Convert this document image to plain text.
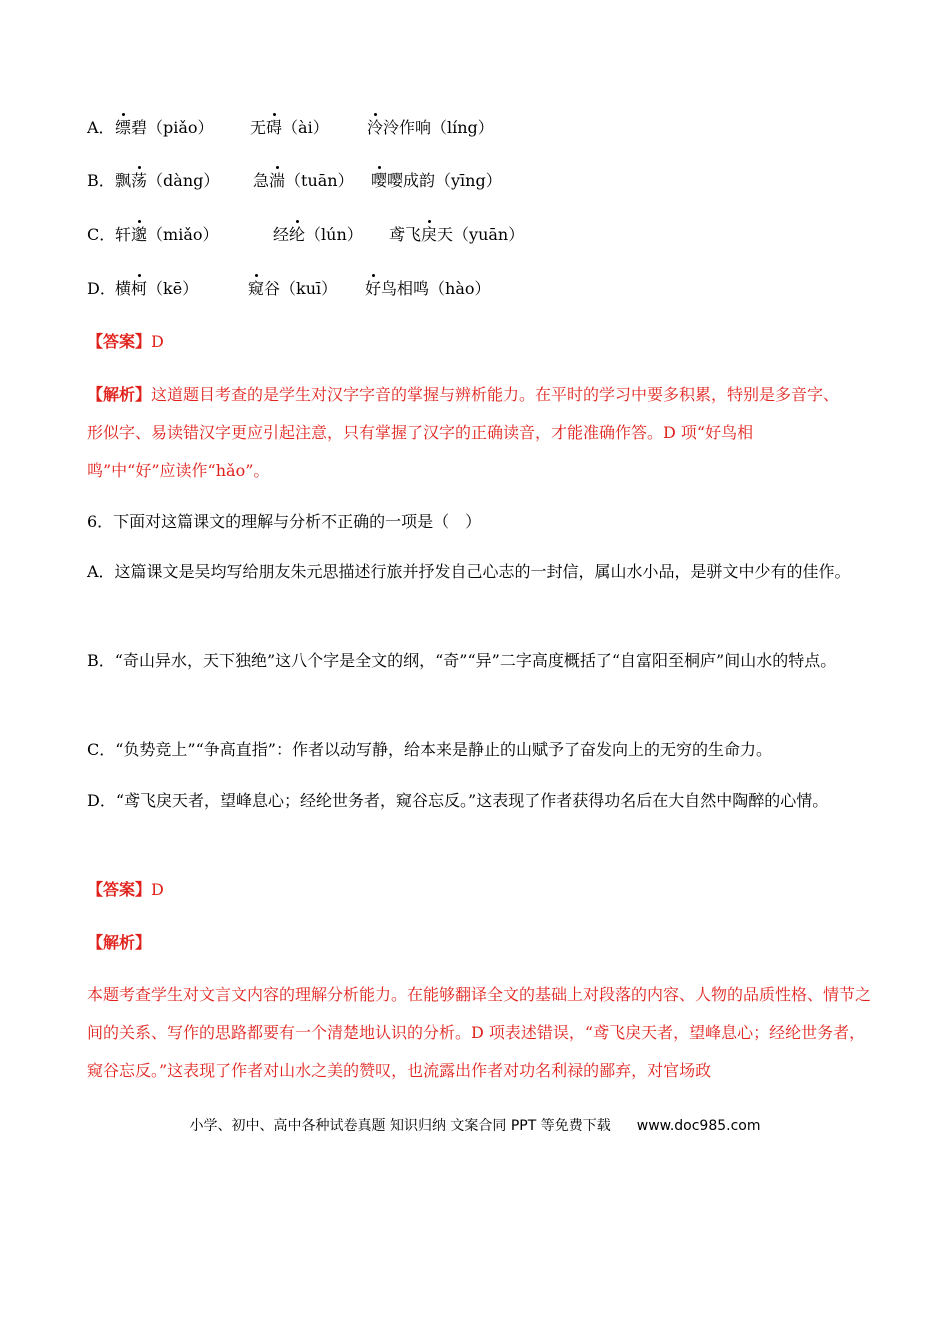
A． 缥碧（piǎo） 无碍（ài） 泠泠作响（líng）
B． 飘荡（dàng） 急湍（tuān） 嘤嘤成韵（yīng）
C． 轩邈（miǎo）	经纶（lún） 鸢飞戾天（yuān）
D． 横柯（kē）	窥谷（kuī） 好鸟相鸣（hào）
【答案】D
【解析】这道题目考查的是学生对汉字字音的掌握与辨析能力。在平时的学习中要多积累，特别是多音字、
形似字、易读错汉字更应引起注意，只有掌握了汉字的正确读音，才能准确作答。D 项“好鸟相
鸣”中“好”应读作“hǎo”。
6．下面对这篇课文的理解与分析不正确的一项是（　）
A．这篇课文是吴均写给朋友朱元思描述行旅并抒发自己心志的一封信，属山水小品，是骈文中少有的佳作。
B．“奇山异水，天下独绝”这八个字是全文的纲，“奇”“异”二字高度概括了“自富阳至桐庐”间山水的特点。
C．“负势竞上”“争高直指”：作者以动写静，给本来是静止的山赋予了奋发向上的无穷的生命力。
D．“鸢飞戾天者，望峰息心；经纶世务者，窥谷忘反。”这表现了作者获得功名后在大自然中陶醉的心情。
【答案】D
【解析】
本题考查学生对文言文内容的理解分析能力。在能够翻译全文的基础上对段落的内容、人物的品质性格、情节之间的关系、写作的思路都要有一个清楚地认识的分析。D 项表述错误，“鸢飞戾天者，望峰息心；经纶世务者，窥谷忘反。”这表现了作者对山水之美的赞叹，也流露出作者对功名利禄的鄙弃，对官场政
小学、初中、高中各种试卷真题 知识归纳 文案合同 PPT 等免费下载 www.doc985.com
